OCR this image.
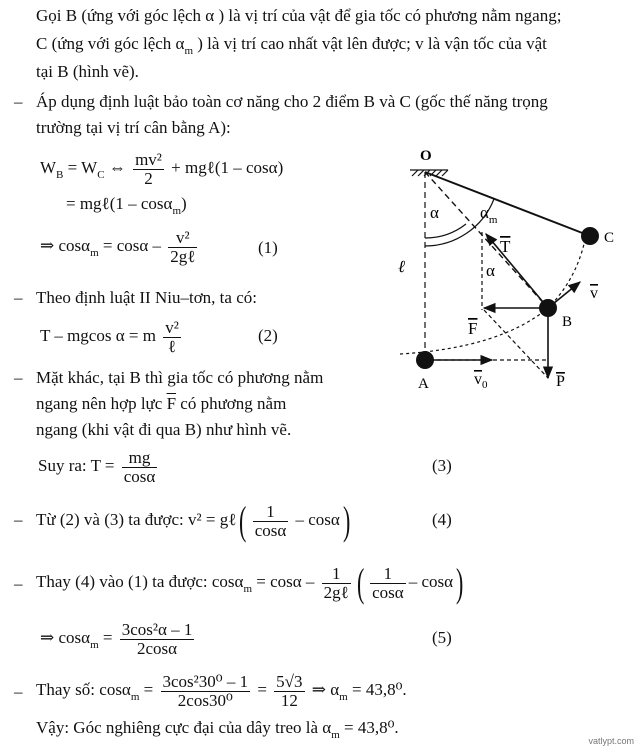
Gọi B (ứng với góc lệch α ) là vị trí của vật để gia tốc có phương nằm ngang;
C (ứng với góc lệch $\alpha_m$ ) là vị trí cao nhất vật lên được; v là vận tốc của vật
tại B (hình vẽ).
– Áp dụng định luật bảo toàn cơ năng cho 2 điểm B và C (gốc thế năng trọng
trường tại vị trí cân bằng A):
$W_B = W_C$ ⇔ $\frac{\text{mv²}}{2}$ + mgℓ(1 – cosα)
= mgℓ(1 – cosα$_m$)
⇒ $\cos\alpha_m = \cos\alpha - \frac{\text{v²}}{\text{2gℓ}}$	(1)
– Theo định luật II Niu–tơn, ta có:
T – mgcos α = m $\frac{\text{v²}}{\text{ℓ}}$	(2)
– Mặt khác, tại B thì gia tốc có phương nằm
ngang nên hợp lực $\overline{F}$ có phương nằm
ngang (khi vật đi qua B) như hình vẽ.
Suy ra: $T = \frac{mg}{\cos\alpha}$	(3)
– Từ (2) và (3) ta được: v² = gℓ( $\frac{1}{\cos\alpha} - \cos\alpha$)	(4)
– Thay (4) vào (1) ta được: $\cos\alpha_m = \cos\alpha - \frac{1}{\text{2gℓ}}$ ( $\frac{1}{\cos\alpha} - \cos\alpha$)
⇒ $\cos\alpha_m = \frac{\text{3cos²α – 1}}{2\cos\alpha}$	(5)
– Thay số: $\cos\alpha_m = \frac{\text{3cos²30⁰ – 1}}{\text{2cos30⁰}} = \frac{5√3}{12}$ ⇒ $\alpha_m = 43,8^0$.
Vậy: Góc nghiêng cực đại của dây treo là $\alpha_m = 43,8^0$.
O
α $\alpha_m$
C
T
α
ℓ
v
F	B
A	$v_0$	P
vatlypt.com
